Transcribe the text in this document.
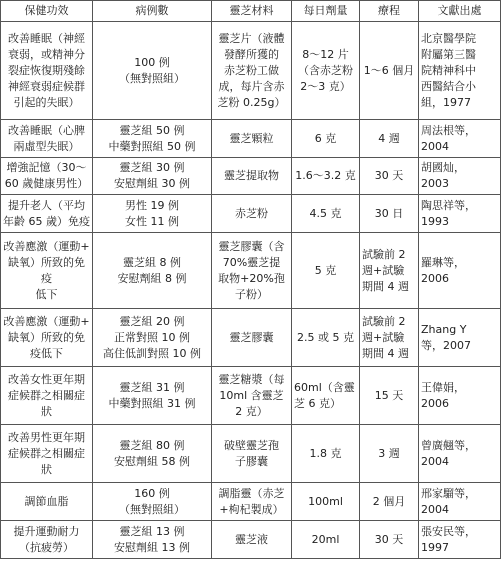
保健功效	病例數	靈芝材料	每日劑量	療程	文獻出處
改善睡眠（神經
衰弱，或精神分
裂症恢復期殘餘
神經衰弱症候群
引起的失眠）	100 例
（無對照組）	靈芝片（液體
發酵所獲的
赤芝粉工做
成，每片含赤
芝粉 0.25g）	8～12 片
（含赤芝粉
2～3 克）	1～6 個月	北京醫學院
附屬第三醫
院精神科中
西醫結合小
組，1977
改善睡眠（心脾
兩虛型失眠）	靈芝組 50 例
中藥對照組 50 例	靈芝顆粒	6 克	4 週	周法根等，
2004
增強記憶（30～
60 歲健康男性）	靈芝組 30 例
安慰劑組 30 例	靈芝提取物	1.6～3.2 克	30 天	胡國灿，
2003
提升老人（平均
年齡 65 歲）免疫	男性 19 例
女性 11 例	赤芝粉	4.5 克	30 日	陶思祥等，
1993
改善應激（運動+
缺氧）所致的免疫
低下	靈芝組 8 例
安慰劑組 8 例	靈芝膠囊（含
70%靈芝提
取物+20%孢
子粉）	5 克	試驗前 2
週+試驗
期間 4 週	羅琳等，
2006
改善應激（運動+
缺氧）所致的免
疫低下	靈芝組 20 例
正常對照 10 例
高住低訓對照 10 例	靈芝膠囊	2.5 或 5 克	試驗前 2
週+試驗
期間 4 週	Zhang Y
等，2007
改善女性更年期
症候群之相關症
狀	靈芝組 31 例
中藥對照組 31 例	靈芝糖漿（每
10ml 含靈芝
2 克）	60ml（含靈
芝 6 克）	15 天	王偉娟，
2006
改善男性更年期
症候群之相關症
狀	靈芝組 80 例
安慰劑組 58 例	破壁靈芝孢
子膠囊	1.8 克	3 週	曾廣翹等，
2004
調節血脂	160 例
（無對照組）	調脂靈（赤芝
+枸杞製成）	100ml	2 個月	邢家騮等，
2004
提升運動耐力
（抗疲勞）	靈芝組 13 例
安慰劑組 13 例	靈芝液	20ml	30 天	張安民等，
1997
